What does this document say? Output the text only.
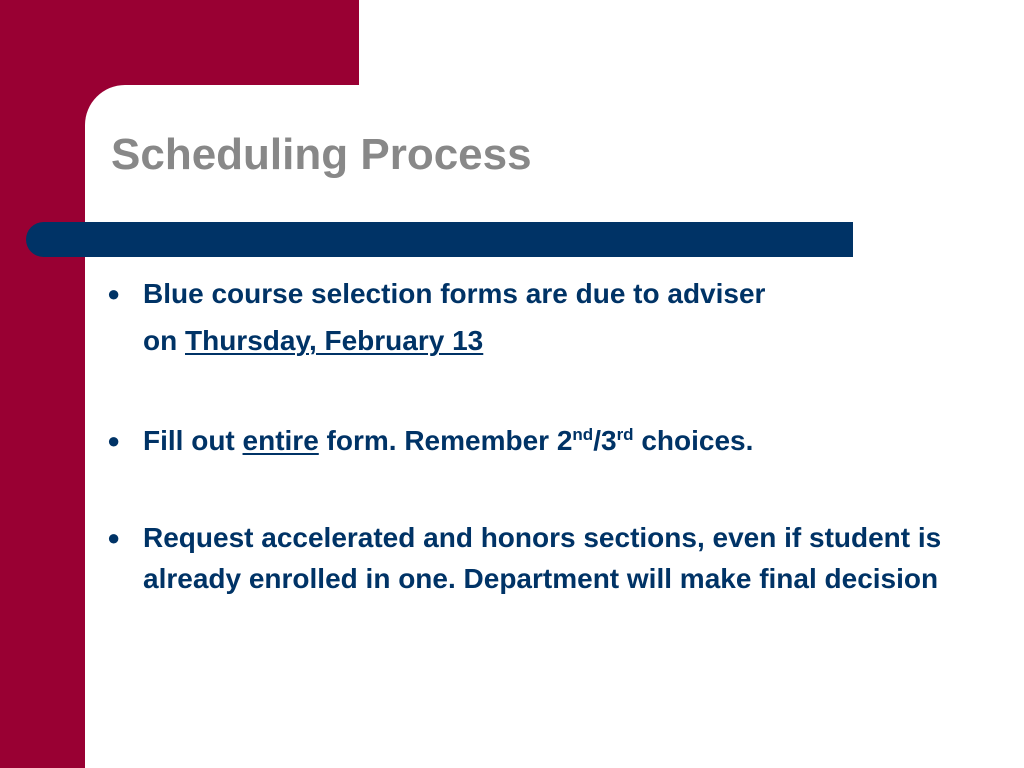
Scheduling Process
● Blue course selection forms are due to adviser
on Thursday, February 13
● Fill out entire form. Remember 2nd/3rd choices.
● Request accelerated and honors sections, even if student is already enrolled in one. Department will make final decision
